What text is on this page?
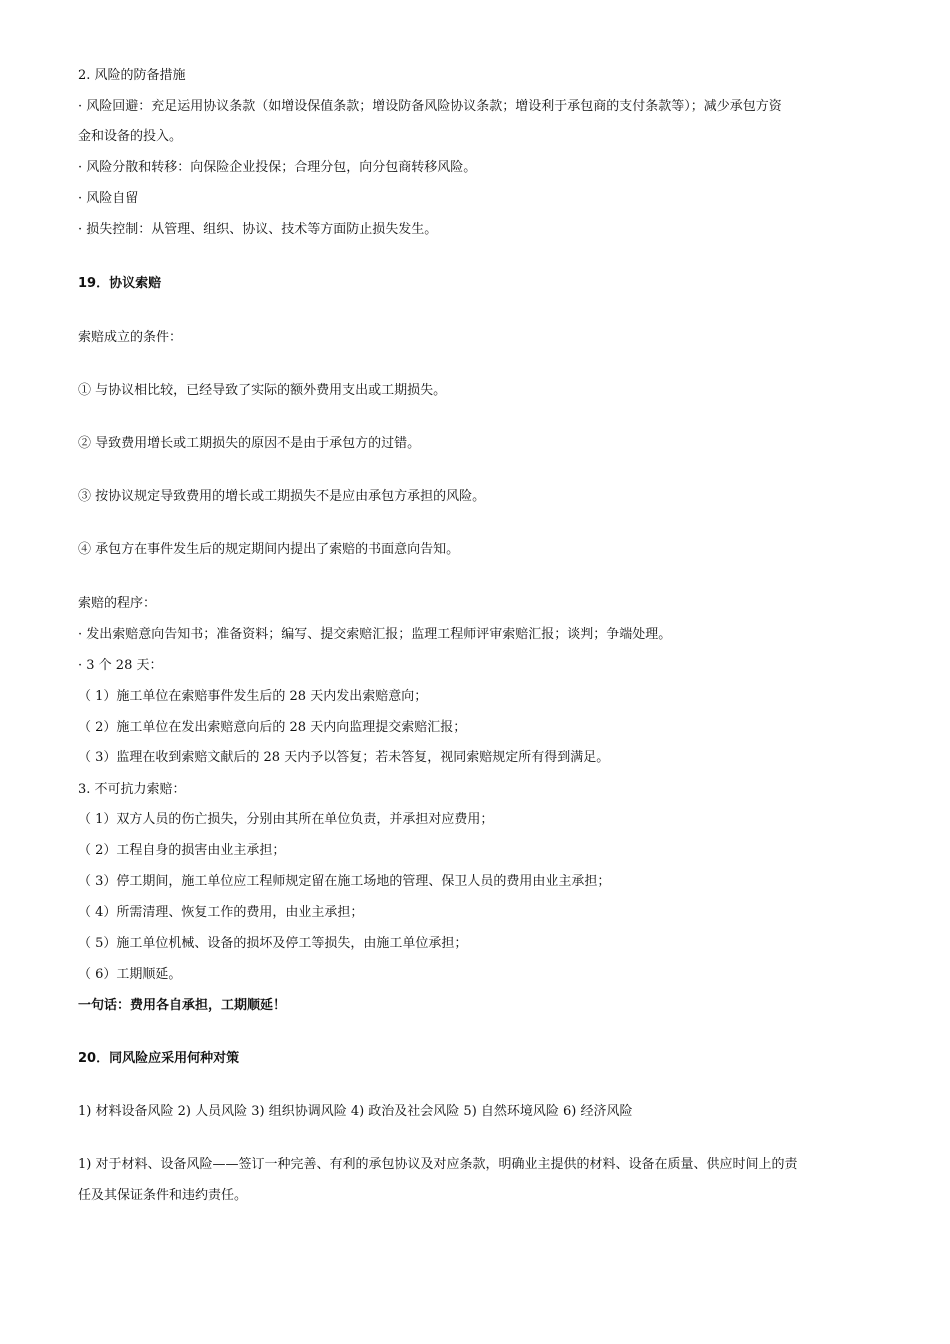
2. 风险的防备措施
· 风险回避：充足运用协议条款（如增设保值条款；增设防备风险协议条款；增设利于承包商的支付条款等）；减少承包方资
金和设备的投入。
· 风险分散和转移：向保险企业投保；合理分包，向分包商转移风险。
· 风险自留
· 损失控制：从管理、组织、协议、技术等方面防止损失发生。
19．协议索赔
索赔成立的条件：
① 与协议相比较，已经导致了实际的额外费用支出或工期损失。
② 导致费用增长或工期损失的原因不是由于承包方的过错。
③ 按协议规定导致费用的增长或工期损失不是应由承包方承担的风险。
④ 承包方在事件发生后的规定期间内提出了索赔的书面意向告知。
索赔的程序：
· 发出索赔意向告知书；准备资料；编写、提交索赔汇报；监理工程师评审索赔汇报；谈判；争端处理。
· 3 个 28 天：
（ 1）施工单位在索赔事件发生后的 28 天内发出索赔意向；
（ 2）施工单位在发出索赔意向后的 28 天内向监理提交索赔汇报；
（ 3）监理在收到索赔文献后的 28 天内予以答复；若未答复，视同索赔规定所有得到满足。
3. 不可抗力索赔：
（ 1）双方人员的伤亡损失，分别由其所在单位负责，并承担对应费用；
（ 2）工程自身的损害由业主承担；
（ 3）停工期间，施工单位应工程师规定留在施工场地的管理、保卫人员的费用由业主承担；
（ 4）所需清理、恢复工作的费用，由业主承担；
（ 5）施工单位机械、设备的损坏及停工等损失，由施工单位承担；
（ 6）工期顺延。
一句话：费用各自承担，工期顺延！
20．同风险应采用何种对策
1) 材料设备风险 2) 人员风险 3) 组织协调风险 4) 政治及社会风险 5) 自然环境风险 6) 经济风险
1) 对于材料、设备风险——签订一种完善、有利的承包协议及对应条款，明确业主提供的材料、设备在质量、供应时间上的责
任及其保证条件和违约责任。
